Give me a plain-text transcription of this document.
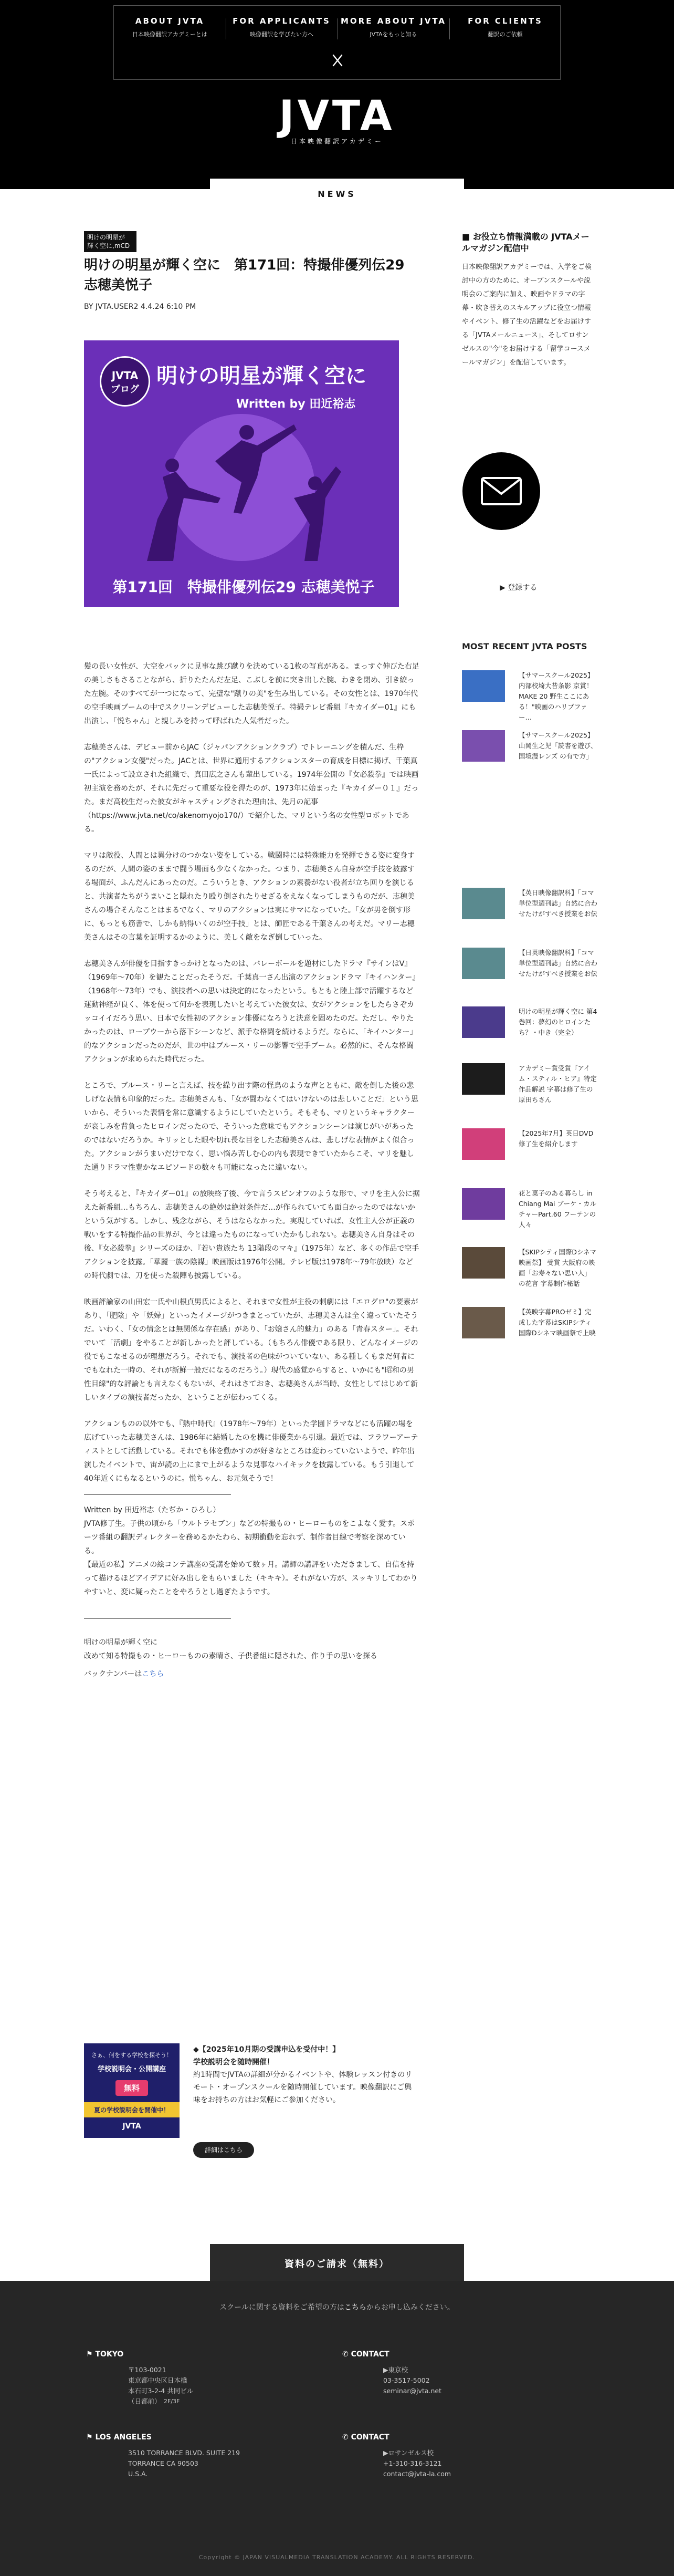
ABOUT JVTA
日本映像翻訳アカデミーとは
FOR APPLICANTS
映像翻訳を学びたい方へ
MORE ABOUT JVTA
JVTAをもっと知る
FOR CLIENTS
翻訳のご依頼
JVTA
日本映像翻訳アカデミー
NEWS
明けの明星が
輝く空に,mCD
明けの明星が輝く空に　第171回：特撮俳優列伝29 志穂美悦子
BY JVTA.USER2 4.4.24 6:10 PM
JVTA
ブログ
明けの明星が輝く空に
Written by 田近裕志
第171回　特撮俳優列伝29 志穂美悦子

髪の長い女性が、大空をバックに見事な跳び蹴りを決めている1枚の写真がある。まっすぐ伸びた右足の美しさもさることながら、折りたたんだ左足、こぶしを前に突き出した腕、わきを閉め、引き絞った左腕。そのすべてが一つになって、完璧な"蹴りの美"を生み出している。その女性とは、1970年代の空手映画ブームの中でスクリーンデビューした志穂美悦子。特撮テレビ番組『キカイダー01』にも出演し、「悦ちゃん」と親しみを持って呼ばれた人気者だった。

志穂美さんは、デビュー前からJAC（ジャパンアクションクラブ）でトレーニングを積んだ、生粋の"アクション女優"だった。JACとは、世界に通用するアクションスターの育成を目標に掲げ、千葉真一氏によって設立された組織で、真田広之さんも輩出している。1974年公開の『女必殺拳』では映画初主演を務めたが、それに先だって重要な役を得たのが、1973年に始まった『キカイダー０１』だった。まだ高校生だった彼女がキャスティングされた理由は、先月の記事（https://www.jvta.net/co/akenomyojo170/）で紹介した、マリという名の女性型ロボットである。

マリは敵役、人間とは異分けのつかない姿をしている。戦闘時には特殊能力を発揮できる姿に変身するのだが、人間の姿のままで闘う場面も少なくなかった。つまり、志穂美さん自身が空手技を披露する場面が、ふんだんにあったのだ。こういうとき、アクションの素養がない役者が立ち回りを演じると、共演者たちがうまいこと隠れたり殴り倒されたりせざるをえなくなってしまうものだが、志穂美さんの場合そんなことはまるでなく、マリのアクションは実にサマになっていた。「女が男を倒す形に、もっとも筋書で、しかも納得いくのが空手技」とは、師匠である千葉さんの考えだ。マリー志穂美さんはその言葉を証明するかのように、美しく敵をなぎ倒していった。

志穂美さんが俳優を目指すきっかけとなったのは、バレーボールを題材にしたドラマ『サインはV』（1969年〜70年）を観たことだったそうだ。千葉真一さん出演のアクションドラマ『キイハンター』（1968年〜73年）でも、演技者への思いは決定的になったという。もともと陸上部で活躍するなど運動神経が良く、体を使って何かを表現したいと考えていた彼女は、女がアクションをしたらさぞカッコイイだろう思い、日本で女性初のアクション俳優になろうと決意を固めたのだ。ただし、やりたかったのは、ロープウーから落下シーンなど、派手な格闘を続けるようだ。ならに、「キイハンター」的なアクションだったのだが、世の中はブルース・リーの影響で空手ブーム。必然的に、そんな格闘アクションが求められた時代だった。

ところで、ブルース・リーと言えば、技を繰り出す際の怪鳥のような声とともに、敵を倒した後の悲しげな表情も印象的だった。志穂美さんも、「女が闘わなくてはいけないのは悲しいことだ」という思いから、そういった表情を常に意識するようにしていたという。そもそも、マリというキャラクターが哀しみを背負ったヒロインだったので、そういった意味でもアクションシーンは演じがいがあったのではないだろうか。キリッとした眼や切れ長な目をした志穂美さんは、悲しげな表情がよく似合った。アクションがうまいだけでなく、思い悩み苦しむ心の内も表現できていたからこそ、マリを魅した通りドラマ性豊かなエピソードの数々も可能になったに違いない。

そう考えると、『キカイダー01』の放映終了後、今で言うスピンオフのような形で、マリを主人公に据えた新番組…もちろん、志穂美さんの絶妙は絶対条件だ…が作られていても面白かったのではないかという気がする。しかし、残念ながら、そうはならなかった。実現していれば、女性主人公が正義の戦いをする特撮作品の世界が、今とは違ったものになっていたかもしれない。志穂美さん自身はその後、『女必殺拳』シリーズのほか、『若い貴族たち 13階段のマキ』（1975年）など、多くの作品で空手アクションを披露。「華麗一族の陰謀」映画版は1976年公開。テレビ版は1978年〜79年放映）などの時代劇では、刀を使った殺陣も披露している。

映画評論家の山田宏一氏や山根貞男氏によると、それまで女性が主役の刺劇には「エログロ"の要素があり、「肥陰」や「妖婦」といったイメージがつきまとっていたが、志穂美さんは全く違っていたそうだ。いわく、「女の情念とは無関係な存在感」があり、「お嬢さん的魅力」のある「青春スター」。それでいて「活劇」をやることが新しかったと評している。（もちろん俳優である限り、どんなイメージの役でもこなせるのが理想だろう。それでも、演技者の色味がついていない、ある種しくもまだ何者にでもなれた一時の、それが新鮮一般だになるのだろう。）現代の感覚からすると、いかにも"昭和の男性目線"的な評論とも言えなくもないが、それはさておき、志穂美さんが当時、女性としてはじめて新しいタイプの演技者だったか、ということが伝わってくる。

アクションものの以外でも、『熱中時代』（1978年〜79年）といった学園ドラマなどにも活躍の場を広げていった志穂美さんは、1986年に結婚したのを機に俳優業から引退。最近では、フラワーアーティストとして活動している。それでも体を動かすのが好きなところは変わっていないようで、昨年出演したイベントで、宙が読の上にまで上がるような見事なハイキックを披露している。もう引退して40年近くにもなるというのに。悦ちゃん、お元気そうで！

――――――――――――――――――――
Written by 田近裕志（たぢか・ひろし）
JVTA修了生。子供の頃から「ウルトラセブン」などの特撮もの・ヒーローものをこよなく愛す。スポーツ番組の翻訳ディレクターを務めるかたわら、初期衝動を忘れず、制作者目線で考察を深めている。
【最近の私】アニメの絵コンテ講座の受講を始めて数ヶ月。講師の講評をいただきまして、自信を持って描けるほどアイデアに好み出しをもらいました（キキキ）。それがない方が、スッキリしてわかりやすいと、変に疑ったことをやろうとし過ぎたようです。
――――――――――――――――――――
明けの明星が輝く空に
改めて知る特撮もの・ヒーローものの素晴さ、子供番組に隠された、作り手の思いを探る
バックナンバーはこちら
さぁ、何をする学校を探そう！
学校説明会・公開講座
無料
夏の学校説明会を開催中！
JVTA
◆【2025年10月期の受講申込を受付中！】
学校説明会を随時開催！
約1時間でJVTAの詳細が分かるイベントや、体験レッスン付きのリモート・オープンスクールを随時開催しています。映像翻訳にご興味をお持ちの方はお気軽にご参加ください。
詳細はこちら
■ お役立ち情報満載の JVTAメールマガジン配信中
日本映像翻訳アカデミーでは、入学をご検討中の方のために、オープンスクールや説明会のご案内に加え、映画やドラマの字幕・吹き替えのスキルアップに役立つ情報やイベント、修了生の活躍などをお届けする「JVTAメールニュース」、そしてロサンゼルスの"今"をお届けする「留学コースメールマガジン」を配信しています。
▶ 登録する
MOST RECENT JVTA POSTS
【サマースクール2025】内部校埼大昔条影 京賞！ MAKE 20 野生ここにある！"映画のハリブファー…
【サマースクール2025】山岡生之児「読書を遊び、国境漫レンズ の有で方」
【英日映像翻訳科】「コマ単位型週刊誌」自然に合わせたけがすべき授業をお伝
【日英映像翻訳科】「コマ単位型週刊誌」自然に合わせたけがすべき授業をお伝
明けの明星が輝く空に 第4巻回：夢幻のヒロインたち？・中き（完全）
アカデミー賞受賞『アイム・スティル・ヒア』特定作品解説 字幕は修了生の原田ちさん
【2025年7月】英日DVD修了生を紹介します
花と菓子のある暮らし in Chiang Mai ブーケ・カルチャーPart.60 フーテンの人々
【SKIPシティ国際Dシネマ映画祭】 受賞 大阪府の映画「お寿々ない思い人」 の花言 字幕制作秘話
【英映字幕PROゼミ】完成した字幕はSKIPシティ国際Dシネマ映画祭で上映
資料のご請求（無料）
スクールに関する資料をご希望の方はこちらからお申し込みください。
⚑ TOKYO
〒103-0021
東京都中央区日本橋
本石町3-2-4 共同ビル
（日都前） 2F/3F
✆ CONTACT
▶東京校
03-3517-5002
seminar@jvta.net
⚑ LOS ANGELES
3510 TORRANCE BLVD. SUITE 219
TORRANCE CA 90503
U.S.A.
✆ CONTACT
▶ロサンゼルス校
+1-310-316-3121
contact@jvta-la.com
Copyright © JAPAN VISUALMEDIA TRANSLATION ACADEMY. ALL RIGHTS RESERVED.
